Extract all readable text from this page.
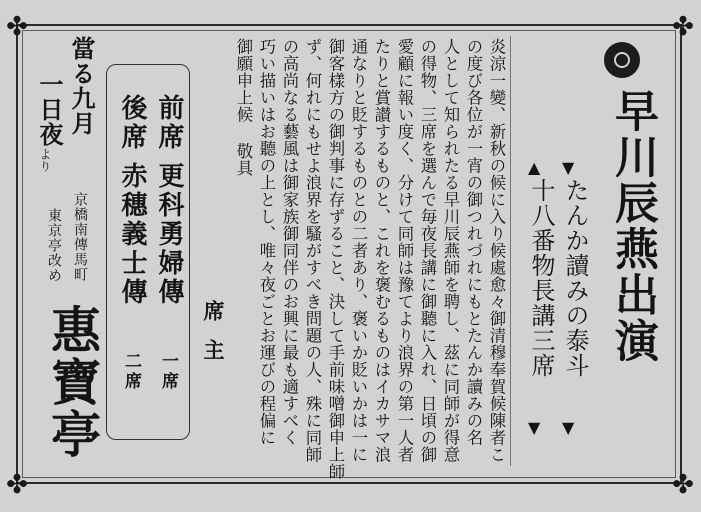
✤	✤
✤	✤
早川辰燕出演
▼
たんか讀みの泰斗
▼
▲
十八番物長講三席
▼
炎涼一變、新秋の候に入り候處愈々御清穆奉賀候陳者こ
の度び各位が一宵の御つれづれにもとたんか讀みの名
人として知られたる早川辰燕師を聘し、茲に同師が得意
の得物、三席を選んで毎夜長講に御聽に入れ、日頃の御
愛顧に報い度く、分けて同師は豫てより浪界の第一人者
たりと賞讃するものと、これを褒むるものはイカサマ浪
通なりと貶するものとの二者あり、褒いか貶いかは一に
御客樣方の御判事に存ずること、決して手前味噌御申上師
ず、何れにもせよ浪界を騷がすべき問題の人、殊に同師
の高尚なる藝風は御家族御同伴のお興に最も適すべく
巧い描いはお聽の上とし、唯々夜ごとお運びの程偏に
御願申上候 敬具
席主
前席
更科勇婦傳
一席
後席
赤穗義士傳
二席
當る九月
一日夜
より
京橋南傳馬町
東京亭改め
惠寶亭
